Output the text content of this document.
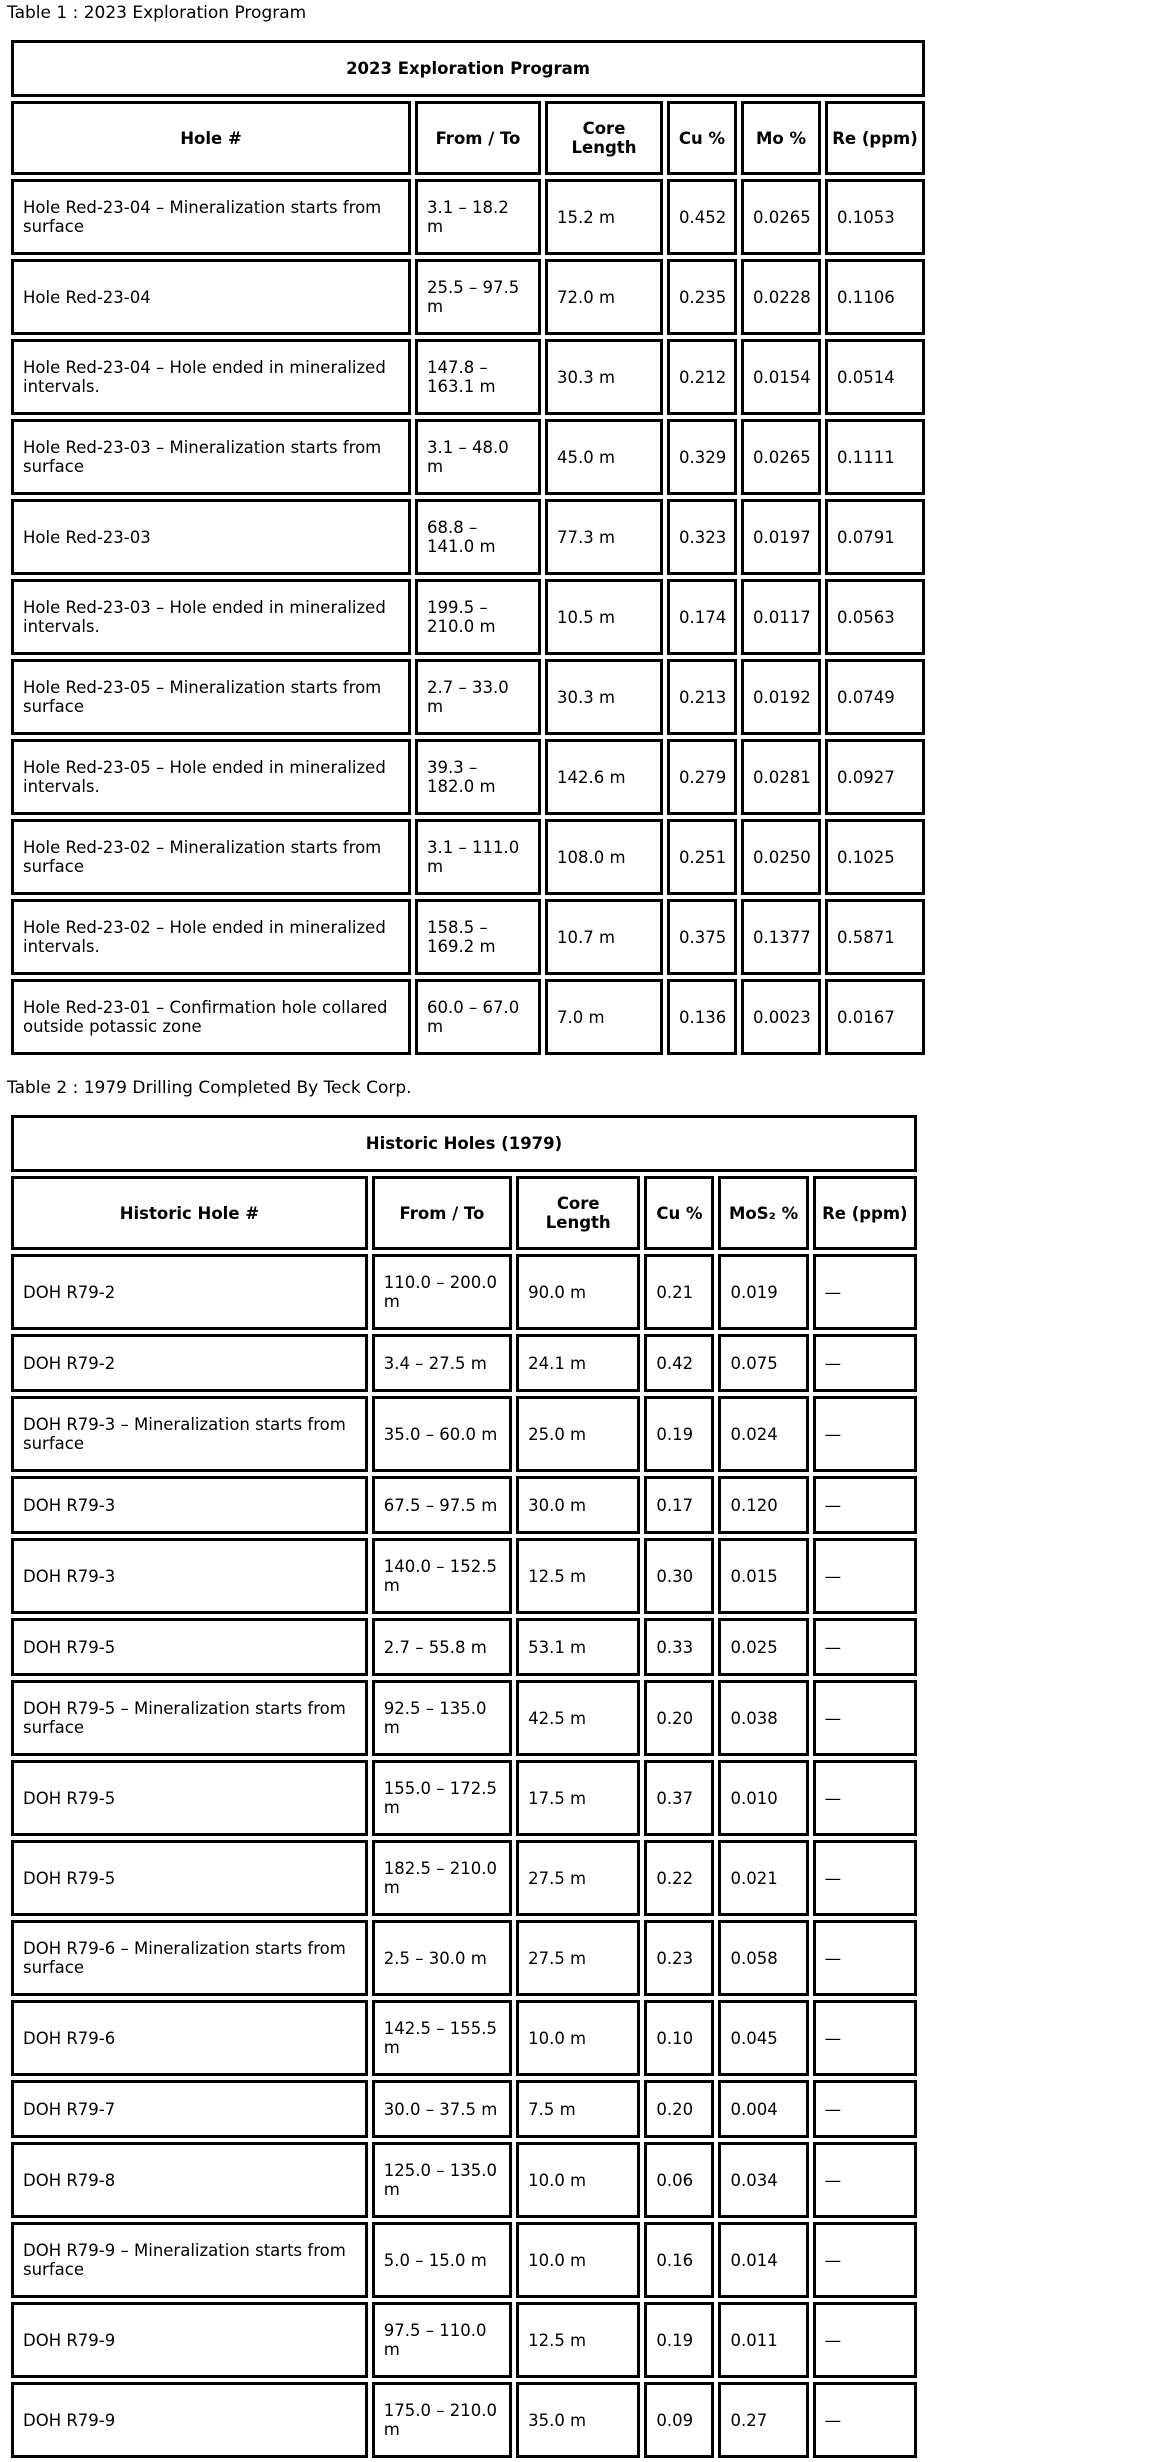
Table 1 : 2023 Exploration Program
2023 Exploration Program					
Hole #	From / To	Core Length	Cu %	Mo %	Re (ppm)
Hole Red-23-04 – Mineralization starts from surface	3.1 – 18.2 m	15.2 m	0.452	0.0265	0.1053
Hole Red-23-04	25.5 – 97.5 m	72.0 m	0.235	0.0228	0.1106
Hole Red-23-04 – Hole ended in mineralized intervals.	147.8 – 163.1 m	30.3 m	0.212	0.0154	0.0514
Hole Red-23-03 – Mineralization starts from surface	3.1 – 48.0 m	45.0 m	0.329	0.0265	0.1111
Hole Red-23-03	68.8 – 141.0 m	77.3 m	0.323	0.0197	0.0791
Hole Red-23-03 – Hole ended in mineralized intervals.	199.5 – 210.0 m	10.5 m	0.174	0.0117	0.0563
Hole Red-23-05 – Mineralization starts from surface	2.7 – 33.0 m	30.3 m	0.213	0.0192	0.0749
Hole Red-23-05 – Hole ended in mineralized intervals.	39.3 – 182.0 m	142.6 m	0.279	0.0281	0.0927
Hole Red-23-02 – Mineralization starts from surface	3.1 – 111.0 m	108.0 m	0.251	0.0250	0.1025
Hole Red-23-02 – Hole ended in mineralized intervals.	158.5 – 169.2 m	10.7 m	0.375	0.1377	0.5871
Hole Red-23-01 – Confirmation hole collared outside potassic zone	60.0 – 67.0 m	7.0 m	0.136	0.0023	0.0167
Table 2 : 1979 Drilling Completed By Teck Corp.
Historic Holes (1979)					
Historic Hole #	From / To	Core Length	Cu %	MoS₂ %	Re (ppm)
DOH R79-2	110.0 – 200.0 m	90.0 m	0.21	0.019	—
DOH R79-2	3.4 – 27.5 m	24.1 m	0.42	0.075	—
DOH R79-3 – Mineralization starts from surface	35.0 – 60.0 m	25.0 m	0.19	0.024	—
DOH R79-3	67.5 – 97.5 m	30.0 m	0.17	0.120	—
DOH R79-3	140.0 – 152.5 m	12.5 m	0.30	0.015	—
DOH R79-5	2.7 – 55.8 m	53.1 m	0.33	0.025	—
DOH R79-5 – Mineralization starts from surface	92.5 – 135.0 m	42.5 m	0.20	0.038	—
DOH R79-5	155.0 – 172.5 m	17.5 m	0.37	0.010	—
DOH R79-5	182.5 – 210.0 m	27.5 m	0.22	0.021	—
DOH R79-6 – Mineralization starts from surface	2.5 – 30.0 m	27.5 m	0.23	0.058	—
DOH R79-6	142.5 – 155.5 m	10.0 m	0.10	0.045	—
DOH R79-7	30.0 – 37.5 m	7.5 m	0.20	0.004	—
DOH R79-8	125.0 – 135.0 m	10.0 m	0.06	0.034	—
DOH R79-9 – Mineralization starts from surface	5.0 – 15.0 m	10.0 m	0.16	0.014	—
DOH R79-9	97.5 – 110.0 m	12.5 m	0.19	0.011	—
DOH R79-9	175.0 – 210.0 m	35.0 m	0.09	0.27	—
